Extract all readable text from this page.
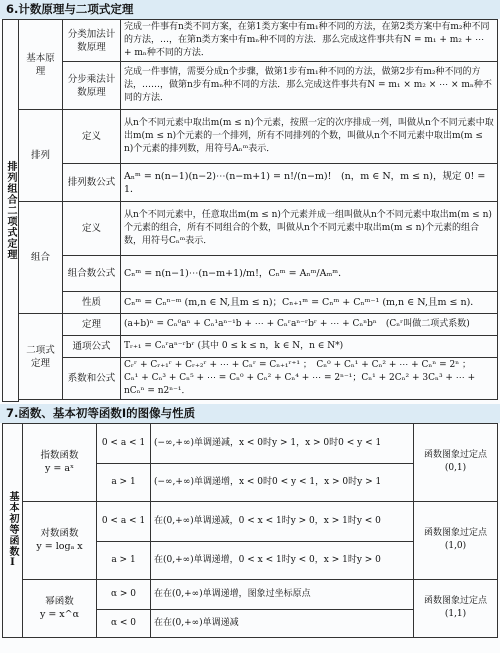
6.计数原理与二项式定理
排列组合二项式定理	基本原理	分类加法计数原理	完成一件事有n类不同方案，在第1类方案中有m₁种不同的方法，在第2类方案中有m₂种不同的方法，…，在第n类方案中有mₙ种不同的方法．那么完成这件事共有N = m₁ + m₂ + ⋯ + mₙ种不同的方法．
		分步乘法计数原理	完成一件事情，需要分成n个步骤，做第1步有m₁种不同的方法，做第2步有m₂种不同的方法，……，做第n步有mₙ种不同的方法．那么完成这件事共有N = m₁ × m₂ × ⋯ × mₙ种不同的方法．
	排列	定义	从n个不同元素中取出m(m ≤ n)个元素，按照一定的次序排成一列，叫做从n个不同元素中取出m(m ≤ n)个元素的一个排列，所有不同排列的个数，叫做从n个不同元素中取出m(m ≤ n)个元素的排列数，用符号Aₙᵐ表示．
		排列数公式	Aₙᵐ = n(n−1)(n−2)⋯(n−m+1) = n!/(n−m)!　(n，m ∈ N，m ≤ n)，规定 0! = 1．
	组合	定义	从n个不同元素中，任意取出m(m ≤ n)个元素并成一组叫做从n个不同元素中取出m(m ≤ n)个元素的组合，所有不同组合的个数，叫做从n个不同元素中取出m(m ≤ n)个元素的组合数，用符号Cₙᵐ表示．
		组合数公式	Cₙᵐ = n(n−1)⋯(n−m+1)/m!，Cₙᵐ = Aₙᵐ/Aₘᵐ．
		性质	Cₙᵐ = Cₙⁿ⁻ᵐ (m,n ∈ N,且m ≤ n)；Cₙ₊₁ᵐ = Cₙᵐ + Cₙᵐ⁻¹ (m,n ∈ N,且m ≤ n)．
	二项式定理	定理	(a+b)ⁿ = Cₙ⁰aⁿ + Cₙ¹aⁿ⁻¹b + ⋯ + Cₙʳaⁿ⁻ʳbʳ + ⋯ + Cₙⁿbⁿ　(Cₙʳ叫做二项式系数)
		通项公式	Tᵣ₊₁ = Cₙʳaⁿ⁻ʳbʳ (其中 0 ≤ k ≤ n，k ∈ N，n ∈ N*)
		系数和公式	Cᵣʳ + Cᵣ₊₁ʳ + Cᵣ₊₂ʳ + ⋯ + Cₙʳ = Cₙ₊₁ʳ⁺¹ ；　Cₙ⁰ + Cₙ¹ + Cₙ² + ⋯ + Cₙⁿ = 2ⁿ ；
Cₙ¹ + Cₙ³ + Cₙ⁵ + ⋯ = Cₙ⁰ + Cₙ² + Cₙ⁴ + ⋯ = 2ⁿ⁻¹；Cₙ¹ + 2Cₙ² + 3Cₙ³ + ⋯ + nCₙⁿ = n2ⁿ⁻¹．

7.函数、基本初等函数Ⅰ的图像与性质
基本初等函数Ⅰ	指数函数
y = aˣ	0 < a < 1	(−∞,+∞)单调递减，x < 0时y > 1，x > 0时0 < y < 1	函数图象过定点(0,1)
		a > 1	(−∞,+∞)单调递增，x < 0时0 < y < 1，x > 0时y > 1	

	对数函数
y = logₐ x	0 < a < 1	在(0,+∞)单调递减，0 < x < 1时y > 0，x > 1时y < 0	函数图象过定点(1,0)
		a > 1	在(0,+∞)单调递增，0 < x < 1时y < 0，x > 1时y > 0	

	幂函数
y = x^α	α > 0	在在(0,+∞)单调递增，图象过坐标原点	函数图象过定点(1,1)
		α < 0	在在(0,+∞)单调递减	
